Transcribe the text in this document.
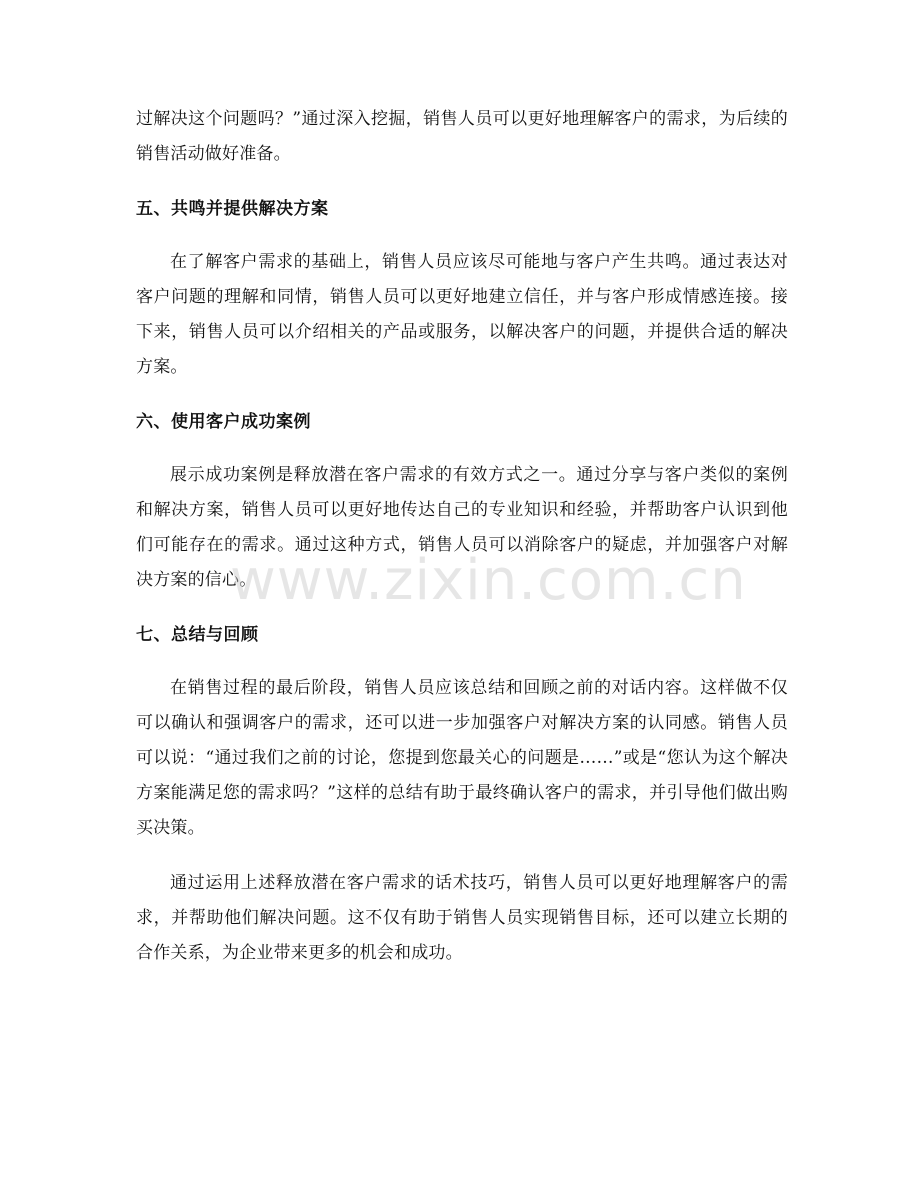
过解决这个问题吗？”通过深入挖掘，销售人员可以更好地理解客户的需求，为后续的销售活动做好准备。

五、共鸣并提供解决方案

在了解客户需求的基础上，销售人员应该尽可能地与客户产生共鸣。通过表达对客户问题的理解和同情，销售人员可以更好地建立信任，并与客户形成情感连接。接下来，销售人员可以介绍相关的产品或服务，以解决客户的问题，并提供合适的解决方案。

六、使用客户成功案例

展示成功案例是释放潜在客户需求的有效方式之一。通过分享与客户类似的案例和解决方案，销售人员可以更好地传达自己的专业知识和经验，并帮助客户认识到他们可能存在的需求。通过这种方式，销售人员可以消除客户的疑虑，并加强客户对解决方案的信心。

七、总结与回顾

在销售过程的最后阶段，销售人员应该总结和回顾之前的对话内容。这样做不仅可以确认和强调客户的需求，还可以进一步加强客户对解决方案的认同感。销售人员可以说：“通过我们之前的讨论，您提到您最关心的问题是……”或是“您认为这个解决方案能满足您的需求吗？”这样的总结有助于最终确认客户的需求，并引导他们做出购买决策。

通过运用上述释放潜在客户需求的话术技巧，销售人员可以更好地理解客户的需求，并帮助他们解决问题。这不仅有助于销售人员实现销售目标，还可以建立长期的合作关系，为企业带来更多的机会和成功。

www.zixin.com.cn
